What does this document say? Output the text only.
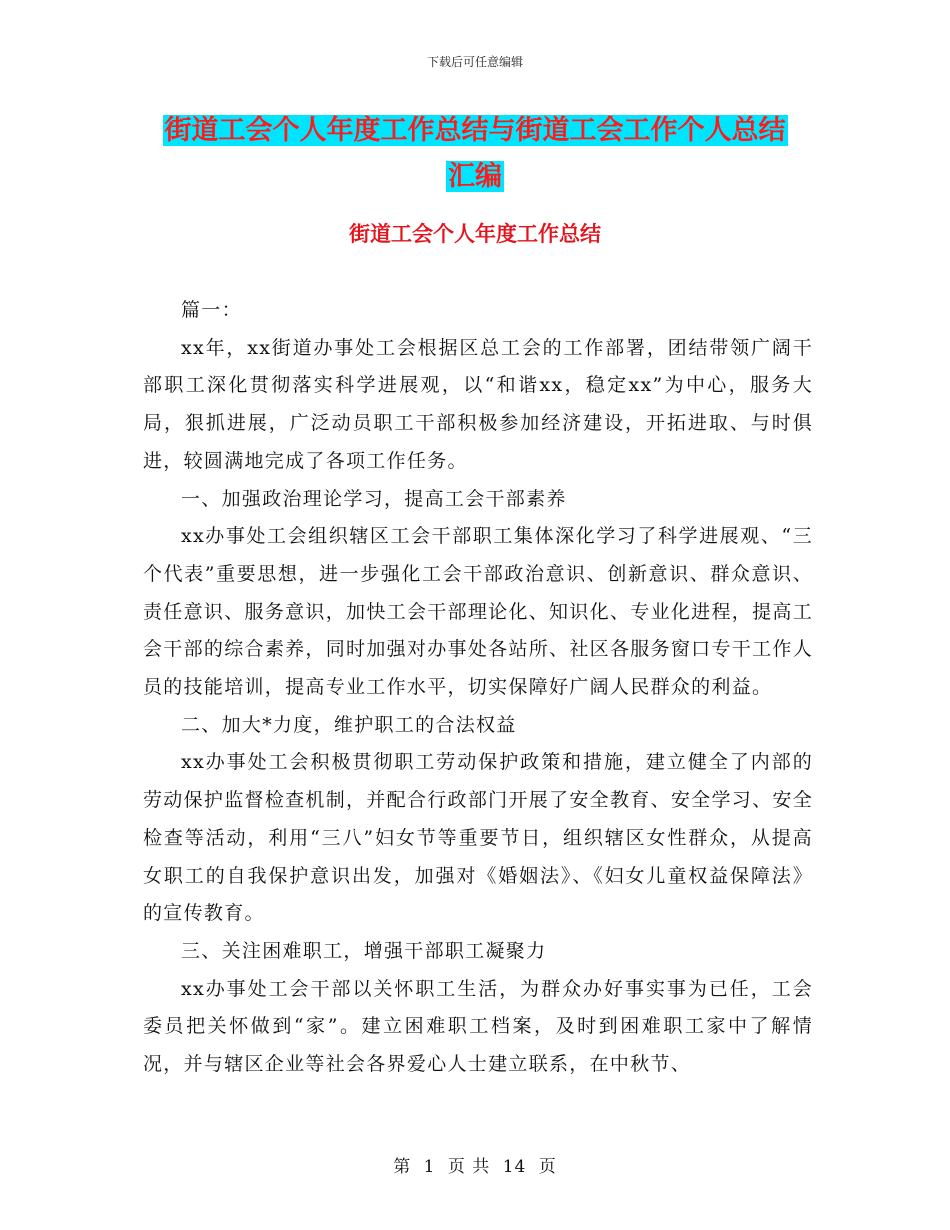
下载后可任意编辑
街道工会个人年度工作总结与街道工会工作个人总结
汇编
街道工会个人年度工作总结

篇一：

xx年，xx街道办事处工会根据区总工会的工作部署，团结带领广阔干部职工深化贯彻落实科学进展观，以“和谐xx，稳定xx”为中心，服务大局，狠抓进展，广泛动员职工干部积极参加经济建设，开拓进取、与时俱进，较圆满地完成了各项工作任务。

一、加强政治理论学习，提高工会干部素养

xx办事处工会组织辖区工会干部职工集体深化学习了科学进展观、“三个代表”重要思想，进一步强化工会干部政治意识、创新意识、群众意识、责任意识、服务意识，加快工会干部理论化、知识化、专业化进程，提高工会干部的综合素养，同时加强对办事处各站所、社区各服务窗口专干工作人员的技能培训，提高专业工作水平，切实保障好广阔人民群众的利益。

二、加大*力度，维护职工的合法权益

xx办事处工会积极贯彻职工劳动保护政策和措施，建立健全了内部的劳动保护监督检查机制，并配合行政部门开展了安全教育、安全学习、安全检查等活动，利用“三八”妇女节等重要节日，组织辖区女性群众，从提高女职工的自我保护意识出发，加强对《婚姻法》、《妇女儿童权益保障法》的宣传教育。

三、关注困难职工，增强干部职工凝聚力

xx办事处工会干部以关怀职工生活，为群众办好事实事为已任，工会委员把关怀做到“家”。建立困难职工档案，及时到困难职工家中了解情况，并与辖区企业等社会各界爱心人士建立联系，在中秋节、

第 1 页 共 14 页
